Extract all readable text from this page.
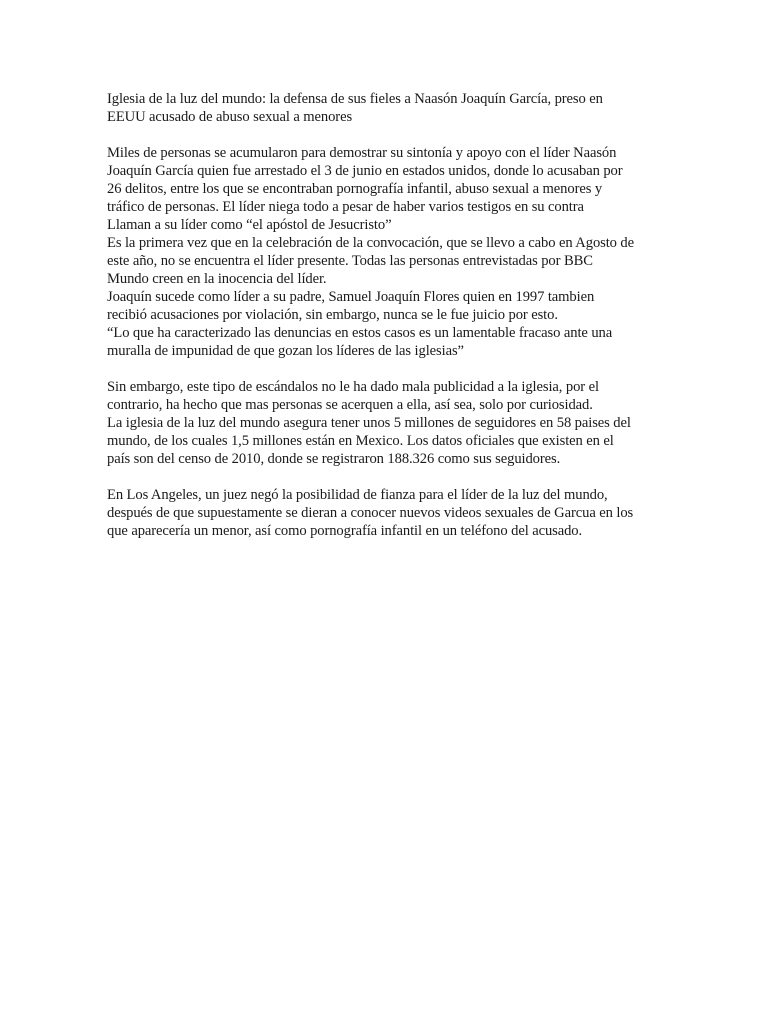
Iglesia de la luz del mundo: la defensa de sus fieles a Naasón Joaquín García, preso en
EEUU acusado de abuso sexual a menores
Miles de personas se acumularon para demostrar su sintonía y apoyo con el líder Naasón
Joaquín García quien fue arrestado el 3 de junio en estados unidos, donde lo acusaban por
26 delitos, entre los que se encontraban pornografía infantil, abuso sexual a menores y
tráfico de personas. El líder niega todo a pesar de haber varios testigos en su contra
Llaman a su líder como “el apóstol de Jesucristo”
Es la primera vez que en la celebración de la convocación, que se llevo a cabo en Agosto de
este año, no se encuentra el líder presente. Todas las personas entrevistadas por BBC
Mundo creen en la inocencia del líder.
Joaquín sucede como líder a su padre, Samuel Joaquín Flores quien en 1997 tambien
recibió acusaciones por violación, sin embargo, nunca se le fue juicio por esto.
“Lo que ha caracterizado las denuncias en estos casos es un lamentable fracaso ante una
muralla de impunidad de que gozan los líderes de las iglesias”
Sin embargo, este tipo de escándalos no le ha dado mala publicidad a la iglesia, por el
contrario, ha hecho que mas personas se acerquen a ella, así sea, solo por curiosidad.
La iglesia de la luz del mundo asegura tener unos 5 millones de seguidores en 58 paises del
mundo, de los cuales 1,5 millones están en Mexico. Los datos oficiales que existen en el
país son del censo de 2010, donde se registraron 188.326 como sus seguidores.
En Los Angeles, un juez negó la posibilidad de fianza para el líder de la luz del mundo,
después de que supuestamente se dieran a conocer nuevos videos sexuales de Garcua en los
que aparecería un menor, así como pornografía infantil en un teléfono del acusado.
